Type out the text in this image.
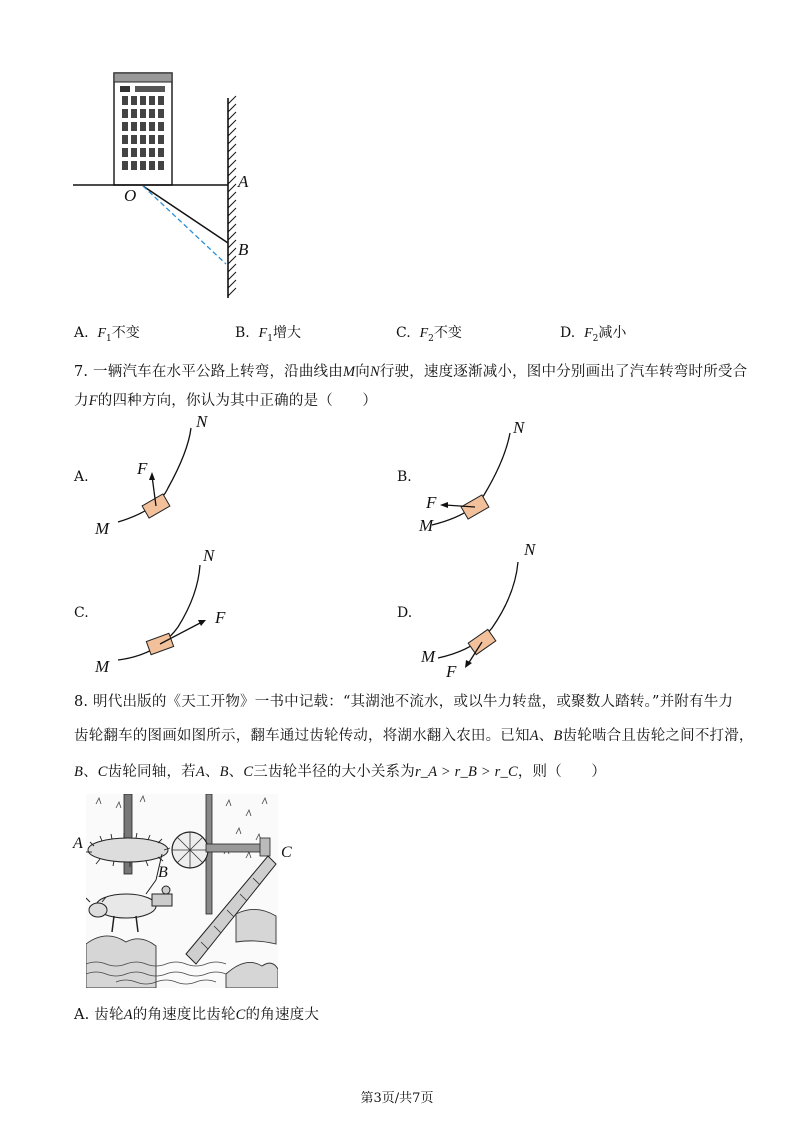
O
A
B
A. $F_1$不变	B. $F_1$增大	C. $F_2$不变	D. $F_2$减小
7. 一辆汽车在水平公路上转弯，沿曲线由M向N行驶，速度逐渐减小，图中分别画出了汽车转弯时所受合
力F的四种方向，你认为其中正确的是（　　）
A.	F
M
N
B.
F
M
N
C.	F
M
N
D.
F
M
N
8. 明代出版的《天工开物》一书中记载：“其湖池不流水，或以牛力转盘，或聚数人踏转。”并附有牛力
齿轮翻车的图画如图所示，翻车通过齿轮传动，将湖水翻入农田。已知A、B齿轮啮合且齿轮之间不打滑，
B、C齿轮同轴，若A、B、C三齿轮半径的大小关系为r_A > r_B > r_C，则（　　）
A
B
C
A. 齿轮A的角速度比齿轮C的角速度大
第3页/共7页
